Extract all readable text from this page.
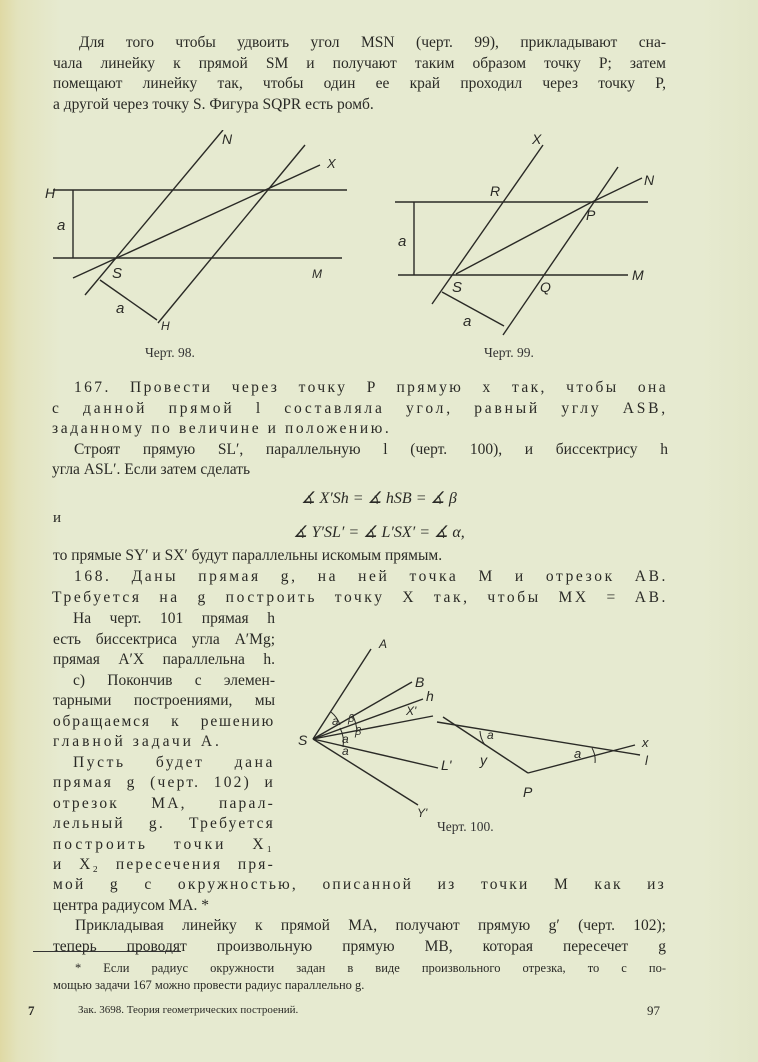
Для того чтобы удвоить угол MSN (черт. 99), прикладывают сна-
чала линейку к прямой SM и получают таким образом точку P; затем
помещают линейку так, чтобы один ее край проходил через точку P,
а другой через точку S. Фигура SQPR есть ромб.
H
a
N
X
S	M
a
H
Черт. 98.
X
N
R
P
a
S	Q
M
a
Черт. 99.
167. Провести через точку P прямую x так, чтобы она
с данной прямой l составляла угол, равный углу ASB,
заданному по величине и положению.
Строят прямую SL′, параллельную l (черт. 100), и биссектрису h
угла ASL′. Если затем сделать
∡ X′Sh = ∡ hSB = ∡ β
и
∡ Y′SL′ = ∡ L′SX′ = ∡ α,
то прямые SY′ и SX′ будут параллельны искомым прямым.
168. Даны прямая g, на ней точка M и отрезок AB.
Требуется на g построить точку X так, чтобы MX = AB.
На черт. 101 прямая h
есть биссектриса угла A′Mg;
прямая A′X параллельна h.
c) Покончив с элемен-
тарными построениями, мы
обращаемся к решению
главной задачи А.
Пусть будет дана
прямая g (черт. 102) и
отрезок MA, парал-
лельный g. Требуется
построить точки X₁
и X₂ пересечения пря-
A
B
h
X'
S
a β
β
a
a
L'
Y'
a
y
P
a
x
l
Черт. 100.
мой g с окружностью, описанной из точки M как из
центра радиусом MA. *
Прикладывая линейку к прямой MA, получают прямую g′ (черт. 102);
теперь проводят произвольную прямую MB, которая пересечет g
* Если радиус окружности задан в виде произвольного отрезка, то с по-
мощью задачи 167 можно провести радиус параллельно g.
7	Зак. 3698. Теория геометрических построений.	97
